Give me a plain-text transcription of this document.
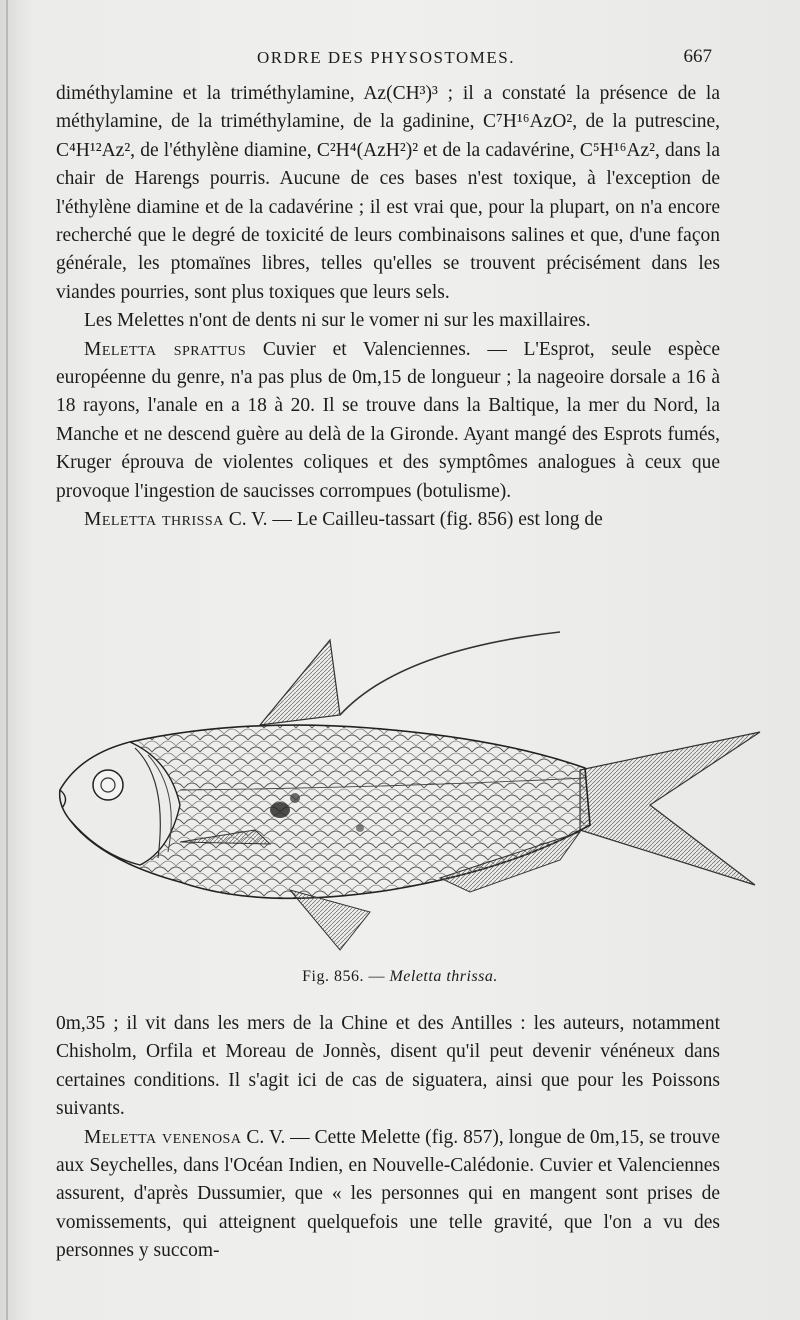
ORDRE DES PHYSOSTOMES.	667

diméthylamine et la triméthylamine, Az(CH³)³ ; il a constaté la présence de la méthylamine, de la triméthylamine, de la gadinine, C⁷H¹⁶AzO², de la putrescine, C⁴H¹²Az², de l'éthylène diamine, C²H⁴(AzH²)² et de la cadavérine, C⁵H¹⁶Az², dans la chair de Harengs pourris. Aucune de ces bases n'est toxique, à l'exception de l'éthylène diamine et de la cadavérine ; il est vrai que, pour la plupart, on n'a encore recherché que le degré de toxicité de leurs combinaisons salines et que, d'une façon générale, les ptomaïnes libres, telles qu'elles se trouvent précisément dans les viandes pourries, sont plus toxiques que leurs sels.

Les Melettes n'ont de dents ni sur le vomer ni sur les maxillaires.

Meletta sprattus Cuvier et Valenciennes. — L'Esprot, seule espèce européenne du genre, n'a pas plus de 0m,15 de longueur ; la nageoire dorsale a 16 à 18 rayons, l'anale en a 18 à 20. Il se trouve dans la Baltique, la mer du Nord, la Manche et ne descend guère au delà de la Gironde. Ayant mangé des Esprots fumés, Kruger éprouva de violentes coliques et des symptômes analogues à ceux que provoque l'ingestion de saucisses corrompues (botulisme).

Meletta thrissa C. V. — Le Cailleu-tassart (fig. 856) est long de

Fig. 856. — Meletta thrissa.

0m,35 ; il vit dans les mers de la Chine et des Antilles : les auteurs, notamment Chisholm, Orfila et Moreau de Jonnès, disent qu'il peut devenir vénéneux dans certaines conditions. Il s'agit ici de cas de siguatera, ainsi que pour les Poissons suivants.

Meletta venenosa C. V. — Cette Melette (fig. 857), longue de 0m,15, se trouve aux Seychelles, dans l'Océan Indien, en Nouvelle-Calédonie. Cuvier et Valenciennes assurent, d'après Dussumier, que « les personnes qui en mangent sont prises de vomissements, qui atteignent quelquefois une telle gravité, que l'on a vu des personnes y succom-
